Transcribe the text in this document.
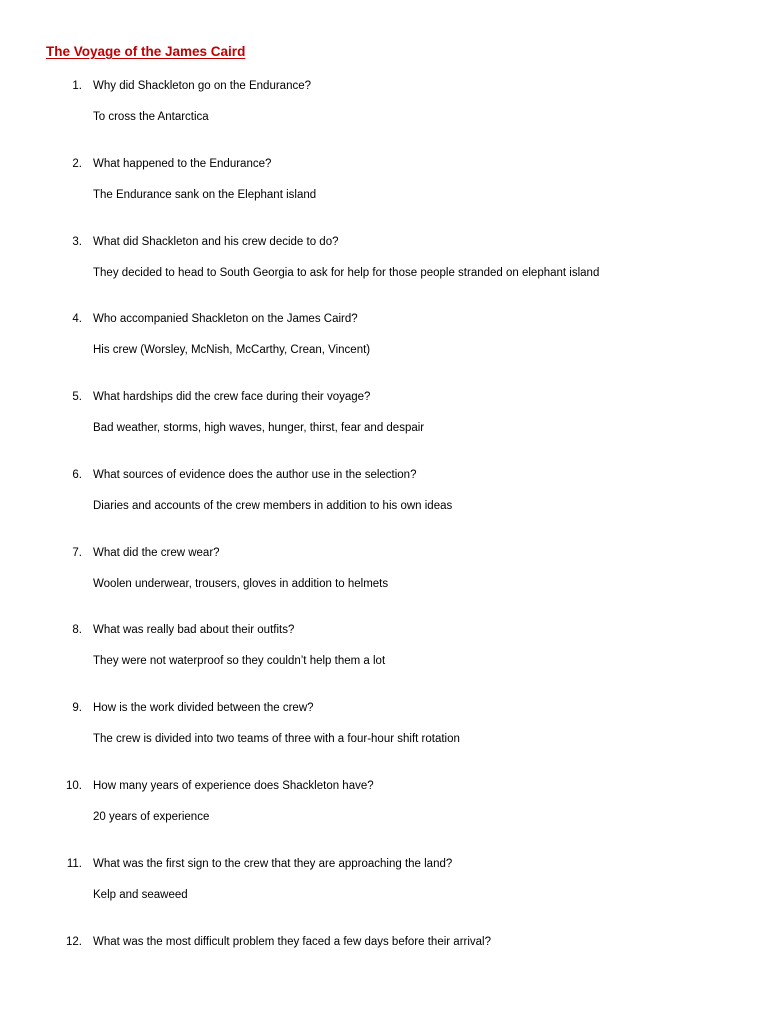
The Voyage of the James Caird
1. Why did Shackleton go on the Endurance?
To cross the Antarctica
2. What happened to the Endurance?
The Endurance sank on the Elephant island
3. What did Shackleton and his crew decide to do?
They decided to head to South Georgia to ask for help for those people stranded on elephant island
4. Who accompanied Shackleton on the James Caird?
His crew (Worsley, McNish, McCarthy, Crean, Vincent)
5. What hardships did the crew face during their voyage?
Bad weather, storms, high waves, hunger, thirst, fear and despair
6. What sources of evidence does the author use in the selection?
Diaries and accounts of the crew members in addition to his own ideas
7. What did the crew wear?
Woolen underwear, trousers, gloves in addition to helmets
8. What was really bad about their outfits?
They were not waterproof so they couldn’t help them a lot
9. How is the work divided between the crew?
The crew is divided into two teams of three with a four-hour shift rotation
10. How many years of experience does Shackleton have?
20 years of experience
11. What was the first sign to the crew that they are approaching the land?
Kelp and seaweed
12. What was the most difficult problem they faced a few days before their arrival?
